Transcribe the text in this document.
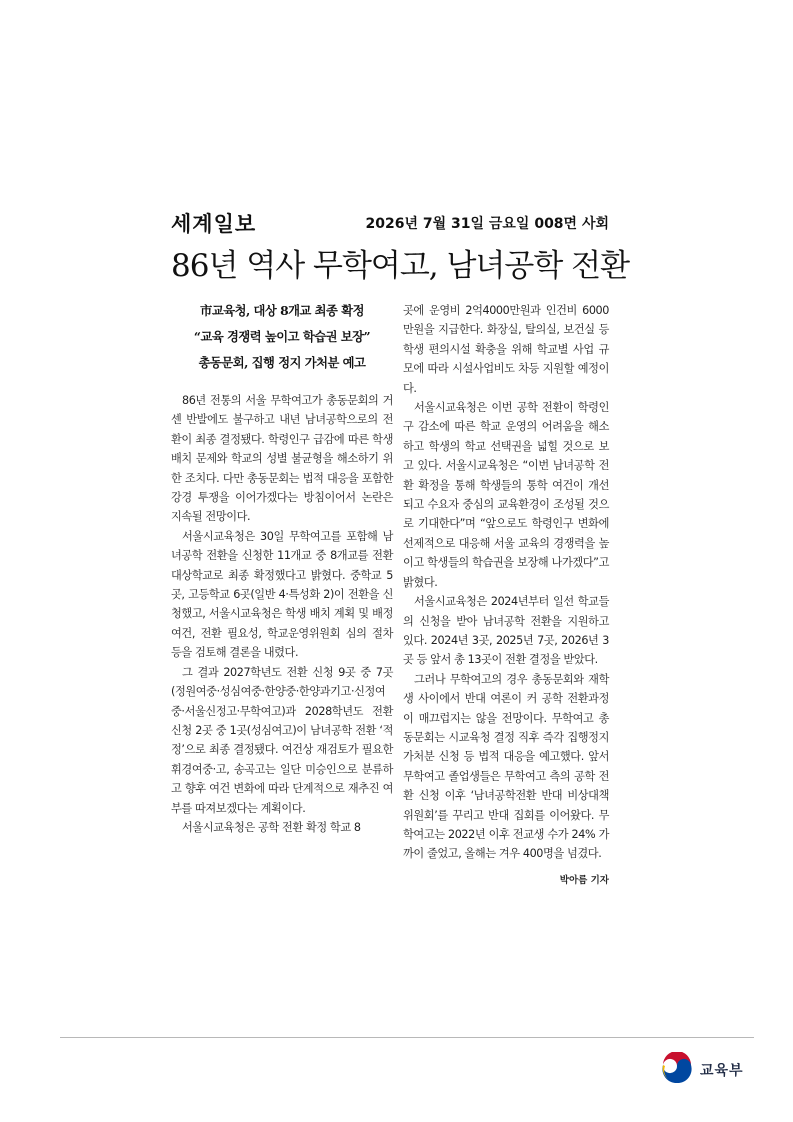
세계일보	2026년 7월 31일 금요일 008면 사회
86년 역사 무학여고, 남녀공학 전환
市교육청, 대상 8개교 최종 확정
“교육 경쟁력 높이고 학습권 보장”
총동문회, 집행 정지 가처분 예고

86년 전통의 서울 무학여고가 총동문회의 거센 반발에도 불구하고 내년 남녀공학으로의 전환이 최종 결정됐다. 학령인구 급감에 따른 학생 배치 문제와 학교의 성별 불균형을 해소하기 위한 조치다. 다만 총동문회는 법적 대응을 포함한 강경 투쟁을 이어가겠다는 방침이어서 논란은 지속될 전망이다.

서울시교육청은 30일 무학여고를 포함해 남녀공학 전환을 신청한 11개교 중 8개교를 전환 대상학교로 최종 확정했다고 밝혔다. 중학교 5곳, 고등학교 6곳(일반 4·특성화 2)이 전환을 신청했고, 서울시교육청은 학생 배치 계획 및 배정 여건, 전환 필요성, 학교운영위원회 심의 절차 등을 검토해 결론을 내렸다.

그 결과 2027학년도 전환 신청 9곳 중 7곳(정원여중·성심여중·한양중·한양과기고·신정여중·서울신정고·무학여고)과 2028학년도 전환 신청 2곳 중 1곳(성심여고)이 남녀공학 전환 ‘적정’으로 최종 결정됐다. 여건상 재검토가 필요한 휘경여중·고, 송곡고는 일단 미승인으로 분류하고 향후 여건 변화에 따라 단계적으로 재추진 여부를 따져보겠다는 계획이다.

서울시교육청은 공학 전환 확정 학교 8

곳에 운영비 2억4000만원과 인건비 6000만원을 지급한다. 화장실, 탈의실, 보건실 등 학생 편의시설 확충을 위해 학교별 사업 규모에 따라 시설사업비도 차등 지원할 예정이다.

서울시교육청은 이번 공학 전환이 학령인구 감소에 따른 학교 운영의 어려움을 해소하고 학생의 학교 선택권을 넓힐 것으로 보고 있다. 서울시교육청은 “이번 남녀공학 전환 확정을 통해 학생들의 통학 여건이 개선되고 수요자 중심의 교육환경이 조성될 것으로 기대한다”며 “앞으로도 학령인구 변화에 선제적으로 대응해 서울 교육의 경쟁력을 높이고 학생들의 학습권을 보장해 나가겠다”고 밝혔다.

서울시교육청은 2024년부터 일선 학교들의 신청을 받아 남녀공학 전환을 지원하고 있다. 2024년 3곳, 2025년 7곳, 2026년 3곳 등 앞서 총 13곳이 전환 결정을 받았다.

그러나 무학여고의 경우 총동문회와 재학생 사이에서 반대 여론이 커 공학 전환과정이 매끄럽지는 않을 전망이다. 무학여고 총동문회는 시교육청 결정 직후 즉각 집행정지 가처분 신청 등 법적 대응을 예고했다. 앞서 무학여고 졸업생들은 무학여고 측의 공학 전환 신청 이후 ‘남녀공학전환 반대 비상대책위원회’를 꾸리고 반대 집회를 이어왔다. 무학여고는 2022년 이후 전교생 수가 24% 가까이 줄었고, 올해는 겨우 400명을 넘겼다.

박아름 기자
교육부
